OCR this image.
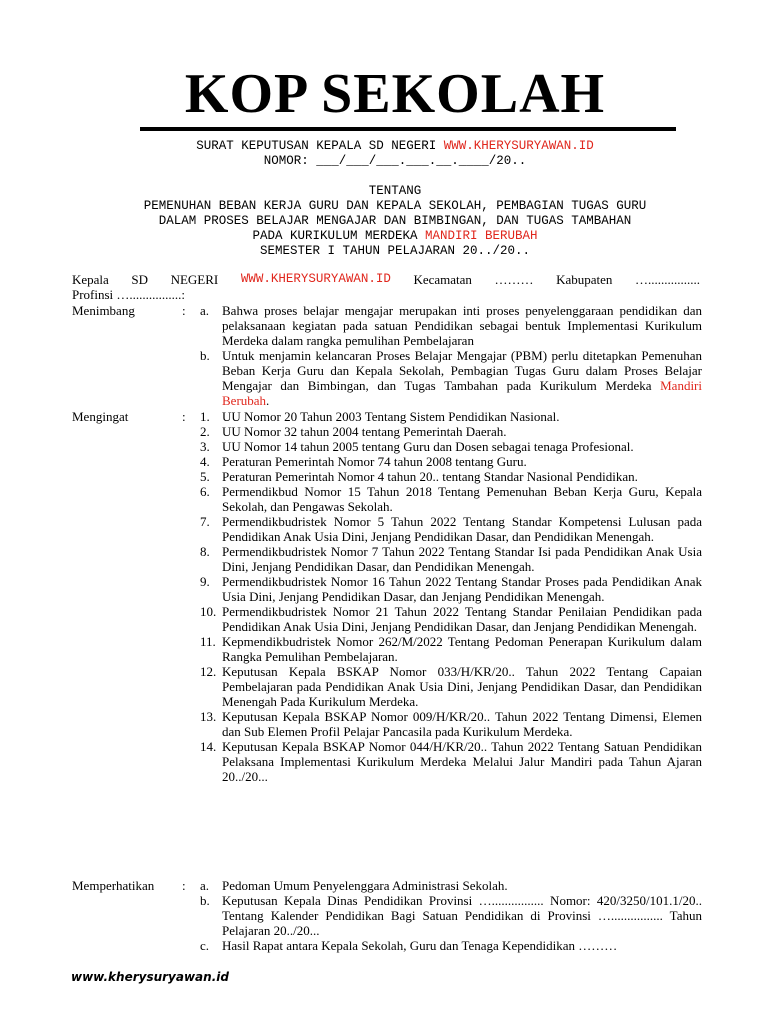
KOP SEKOLAH
SURAT KEPUTUSAN KEPALA SD NEGERI WWW.KHERYSURYAWAN.ID
NOMOR: ___/___/___.___.__.____/20..
TENTANG
PEMENUHAN BEBAN KERJA GURU DAN KEPALA SEKOLAH, PEMBAGIAN TUGAS GURU
DALAM PROSES BELAJAR MENGAJAR DAN BIMBINGAN, DAN TUGAS TAMBAHAN
PADA KURIKULUM MERDEKA MANDIRI BERUBAH
SEMESTER I TAHUN PELAJARAN 20../20..
Kepala SD NEGERI WWW.KHERYSURYAWAN.ID Kecamatan ……… Kabupaten …................
Profinsi …................:
Menimbang	:	a. Bahwa proses belajar mengajar merupakan inti proses penyelenggaraan pendidikan dan pelaksanaan kegiatan pada satuan Pendidikan sebagai bentuk Implementasi Kurikulum Merdeka dalam rangka pemulihan Pembelajaran
b. Untuk menjamin kelancaran Proses Belajar Mengajar (PBM) perlu ditetapkan Pemenuhan Beban Kerja Guru dan Kepala Sekolah, Pembagian Tugas Guru dalam Proses Belajar Mengajar dan Bimbingan, dan Tugas Tambahan pada Kurikulum Merdeka Mandiri Berubah.
Mengingat	:	1. UU Nomor 20 Tahun 2003 Tentang Sistem Pendidikan Nasional.
2. UU Nomor 32 tahun 2004 tentang Pemerintah Daerah.
3. UU Nomor 14 tahun 2005 tentang Guru dan Dosen sebagai tenaga Profesional.
4. Peraturan Pemerintah Nomor 74 tahun 2008 tentang Guru.
5. Peraturan Pemerintah Nomor 4 tahun 20.. tentang Standar Nasional Pendidikan.
6. Permendikbud Nomor 15 Tahun 2018 Tentang Pemenuhan Beban Kerja Guru, Kepala Sekolah, dan Pengawas Sekolah.
7. Permendikbudristek Nomor 5 Tahun 2022 Tentang Standar Kompetensi Lulusan pada Pendidikan Anak Usia Dini, Jenjang Pendidikan Dasar, dan Pendidikan Menengah.
8. Permendikbudristek Nomor 7 Tahun 2022 Tentang Standar Isi pada Pendidikan Anak Usia Dini, Jenjang Pendidikan Dasar, dan Pendidikan Menengah.
9. Permendikbudristek Nomor 16 Tahun 2022 Tentang Standar Proses pada Pendidikan Anak Usia Dini, Jenjang Pendidikan Dasar, dan Jenjang Pendidikan Menengah.
10. Permendikbudristek Nomor 21 Tahun 2022 Tentang Standar Penilaian Pendidikan pada Pendidikan Anak Usia Dini, Jenjang Pendidikan Dasar, dan Jenjang Pendidikan Menengah.
11. Kepmendikbudristek Nomor 262/M/2022 Tentang Pedoman Penerapan Kurikulum dalam Rangka Pemulihan Pembelajaran.
12. Keputusan Kepala BSKAP Nomor 033/H/KR/20.. Tahun 2022 Tentang Capaian Pembelajaran pada Pendidikan Anak Usia Dini, Jenjang Pendidikan Dasar, dan Pendidikan Menengah Pada Kurikulum Merdeka.
13. Keputusan Kepala BSKAP Nomor 009/H/KR/20.. Tahun 2022 Tentang Dimensi, Elemen dan Sub Elemen Profil Pelajar Pancasila pada Kurikulum Merdeka.
14. Keputusan Kepala BSKAP Nomor 044/H/KR/20.. Tahun 2022 Tentang Satuan Pendidikan Pelaksana Implementasi Kurikulum Merdeka Melalui Jalur Mandiri pada Tahun Ajaran 20../20...
Memperhatikan	:	a. Pedoman Umum Penyelenggara Administrasi Sekolah.
b. Keputusan Kepala Dinas Pendidikan Provinsi …................ Nomor: 420/3250/101.1/20.. Tentang Kalender Pendidikan Bagi Satuan Pendidikan di Provinsi …................ Tahun Pelajaran 20../20...
c. Hasil Rapat antara Kepala Sekolah, Guru dan Tenaga Kependidikan ………
www.kherysuryawan.id
